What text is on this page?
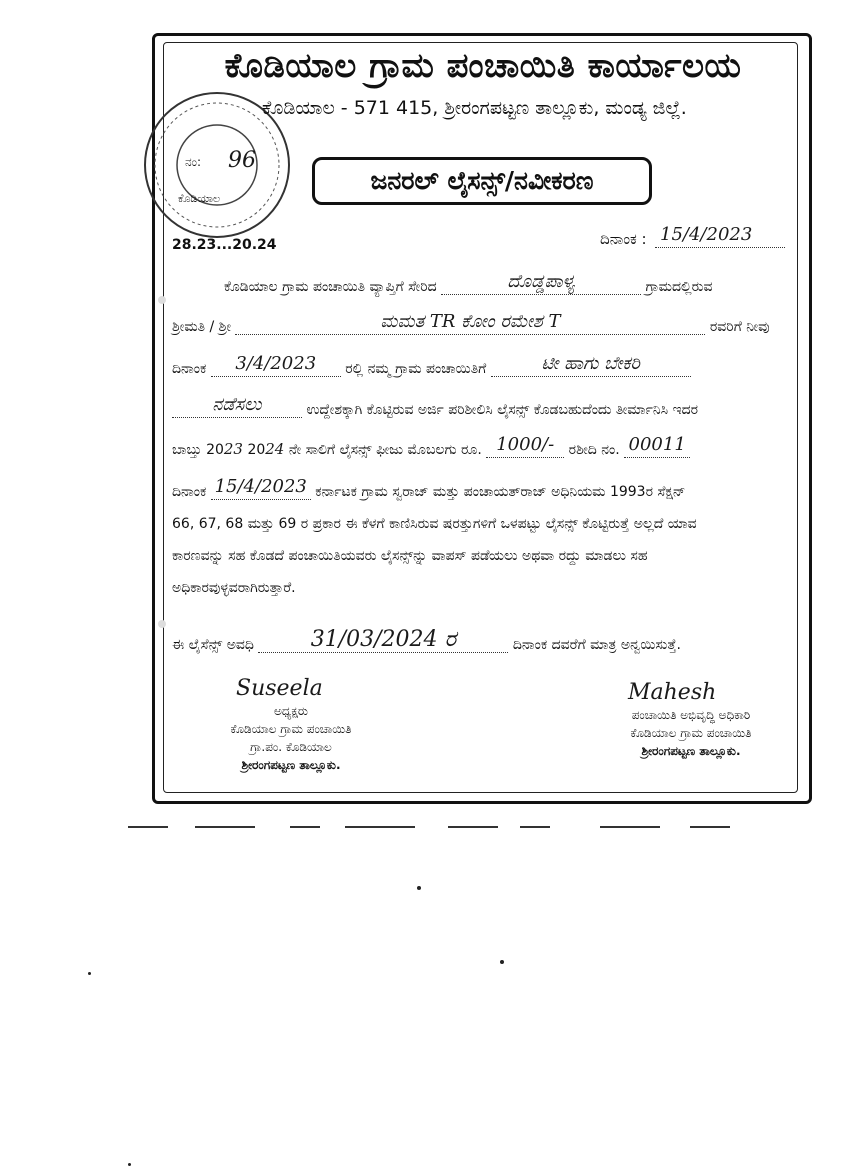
ನಂ: 96
ಕೊಡಿಯಾಲ
ಕೊಡಿಯಾಲ ಗ್ರಾಮ ಪಂಚಾಯಿತಿ ಕಾರ್ಯಾಲಯ
ಕೊಡಿಯಾಲ - 571 415, ಶ್ರೀರಂಗಪಟ್ಟಣ ತಾಲ್ಲೂಕು, ಮಂಡ್ಯ ಜಿಲ್ಲೆ.
ಜನರಲ್ ಲೈಸನ್ಸ್/ನವೀಕರಣ
28.23...20.24	ದಿನಾಂಕ : 15/4/2023
ಕೊಡಿಯಾಲ ಗ್ರಾಮ ಪಂಚಾಯಿತಿ ವ್ಯಾಪ್ತಿಗೆ ಸೇರಿದ	ದೊಡ್ಡಪಾಳ್ಯ	ಗ್ರಾಮದಲ್ಲಿರುವ
ಶ್ರೀಮತಿ / ಶ್ರೀ	ಮಮತ TR ಕೋಂ ರಮೇಶ T	ರವರಿಗೆ ನೀವು
ದಿನಾಂಕ 3/4/2023 ರಲ್ಲಿ ನಮ್ಮ ಗ್ರಾಮ ಪಂಚಾಯಿತಿಗೆ	ಟೀ ಹಾಗು ಬೇಕರಿ
ನಡೆಸಲು	ಉದ್ದೇಶಕ್ಕಾಗಿ ಕೊಟ್ಟಿರುವ ಅರ್ಜಿ ಪರಿಶೀಲಿಸಿ ಲೈಸನ್ಸ್ ಕೊಡಬಹುದೆಂದು ತೀರ್ಮಾನಿಸಿ ಇದರ
ಬಾಬ್ತು 2023 2024 ನೇ ಸಾಲಿಗೆ ಲೈಸನ್ಸ್ ಫೀಜು ಮೊಬಲಗು ರೂ. 1000/- ರಶೀದಿ ನಂ. 00011
ದಿನಾಂಕ 15/4/2023 ಕರ್ನಾಟಕ ಗ್ರಾಮ ಸ್ವರಾಜ್ ಮತ್ತು ಪಂಚಾಯತ್‌ರಾಜ್ ಅಧಿನಿಯಮ 1993ರ ಸೆಕ್ಷನ್
66, 67, 68 ಮತ್ತು 69 ರ ಪ್ರಕಾರ ಈ ಕೆಳಗೆ ಕಾಣಿಸಿರುವ ಷರತ್ತುಗಳಿಗೆ ಒಳಪಟ್ಟು ಲೈಸನ್ಸ್ ಕೊಟ್ಟಿರುತ್ತೆ ಅಲ್ಲದೆ ಯಾವ
ಕಾರಣವನ್ನು ಸಹ ಕೊಡದೆ ಪಂಚಾಯಿತಿಯವರು ಲೈಸನ್ಸ್‌ನ್ನು ವಾಪಸ್ ಪಡೆಯಲು ಅಥವಾ ರದ್ದು ಮಾಡಲು ಸಹ
ಅಧಿಕಾರವುಳ್ಳವರಾಗಿರುತ್ತಾರೆ.
ಈ ಲೈಸೆನ್ಸ್ ಅವಧಿ	31/03/2024 ರ	ದಿನಾಂಕ ದವರೆಗೆ ಮಾತ್ರ ಅನ್ವಯಿಸುತ್ತೆ.
Suseela
ಅಧ್ಯಕ್ಷರು
ಕೊಡಿಯಾಲ ಗ್ರಾಮ ಪಂಚಾಯಿತಿ
ಗ್ರಾ.ಪಂ. ಕೊಡಿಯಾಲ
ಶ್ರೀರಂಗಪಟ್ಟಣ ತಾಲ್ಲೂಕು.
Mahesh
ಪಂಚಾಯಿತಿ ಅಭಿವೃದ್ಧಿ ಅಧಿಕಾರಿ
ಕೊಡಿಯಾಲ ಗ್ರಾಮ ಪಂಚಾಯಿತಿ
ಶ್ರೀರಂಗಪಟ್ಟಣ ತಾಲ್ಲೂಕು.
